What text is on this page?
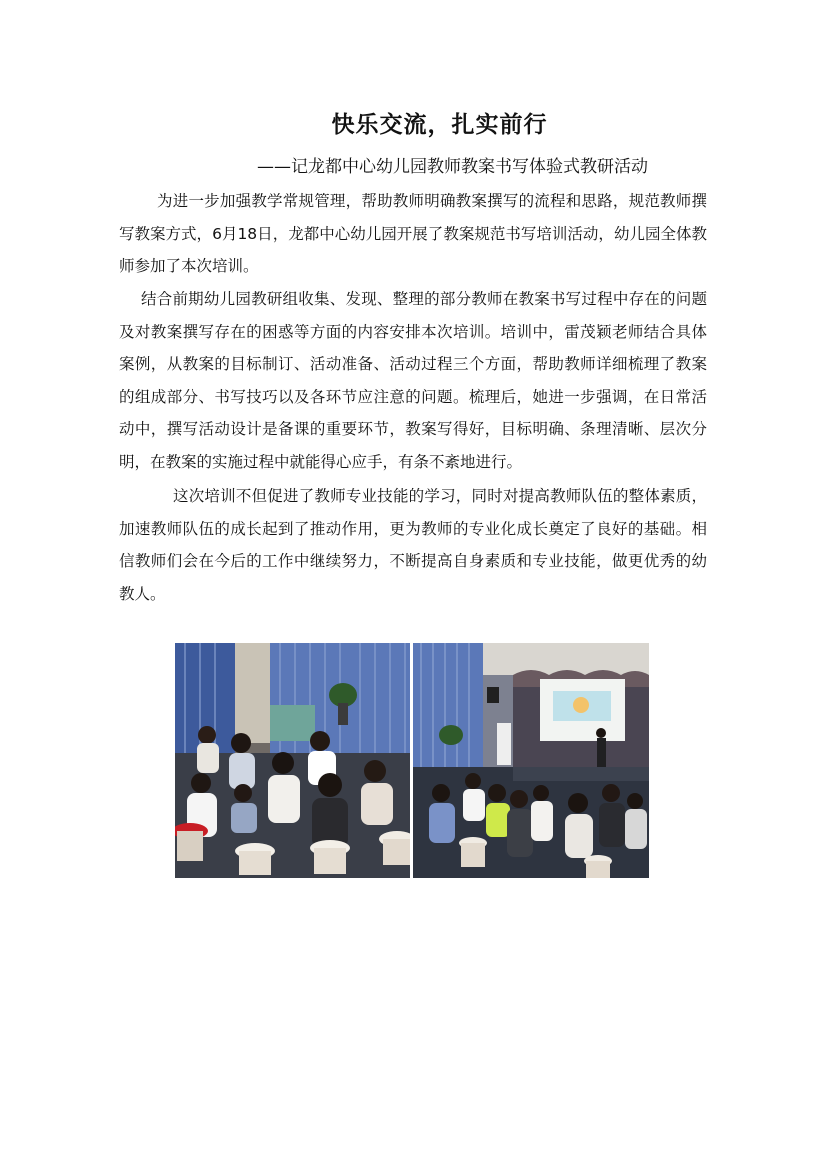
快乐交流，扎实前行

——记龙都中心幼儿园教师教案书写体验式教研活动

为进一步加强教学常规管理，帮助教师明确教案撰写的流程和思路，规范教师撰写教案方式，6月18日，龙都中心幼儿园开展了教案规范书写培训活动，幼儿园全体教师参加了本次培训。

结合前期幼儿园教研组收集、发现、整理的部分教师在教案书写过程中存在的问题及对教案撰写存在的困惑等方面的内容安排本次培训。培训中，雷茂颖老师结合具体案例，从教案的目标制订、活动准备、活动过程三个方面，帮助教师详细梳理了教案的组成部分、书写技巧以及各环节应注意的问题。梳理后，她进一步强调，在日常活动中，撰写活动设计是备课的重要环节，教案写得好，目标明确、条理清晰、层次分明，在教案的实施过程中就能得心应手，有条不紊地进行。

这次培训不但促进了教师专业技能的学习，同时对提高教师队伍的整体素质，加速教师队伍的成长起到了推动作用，更为教师的专业化成长奠定了良好的基础。相信教师们会在今后的工作中继续努力，不断提高自身素质和专业技能，做更优秀的幼教人。
